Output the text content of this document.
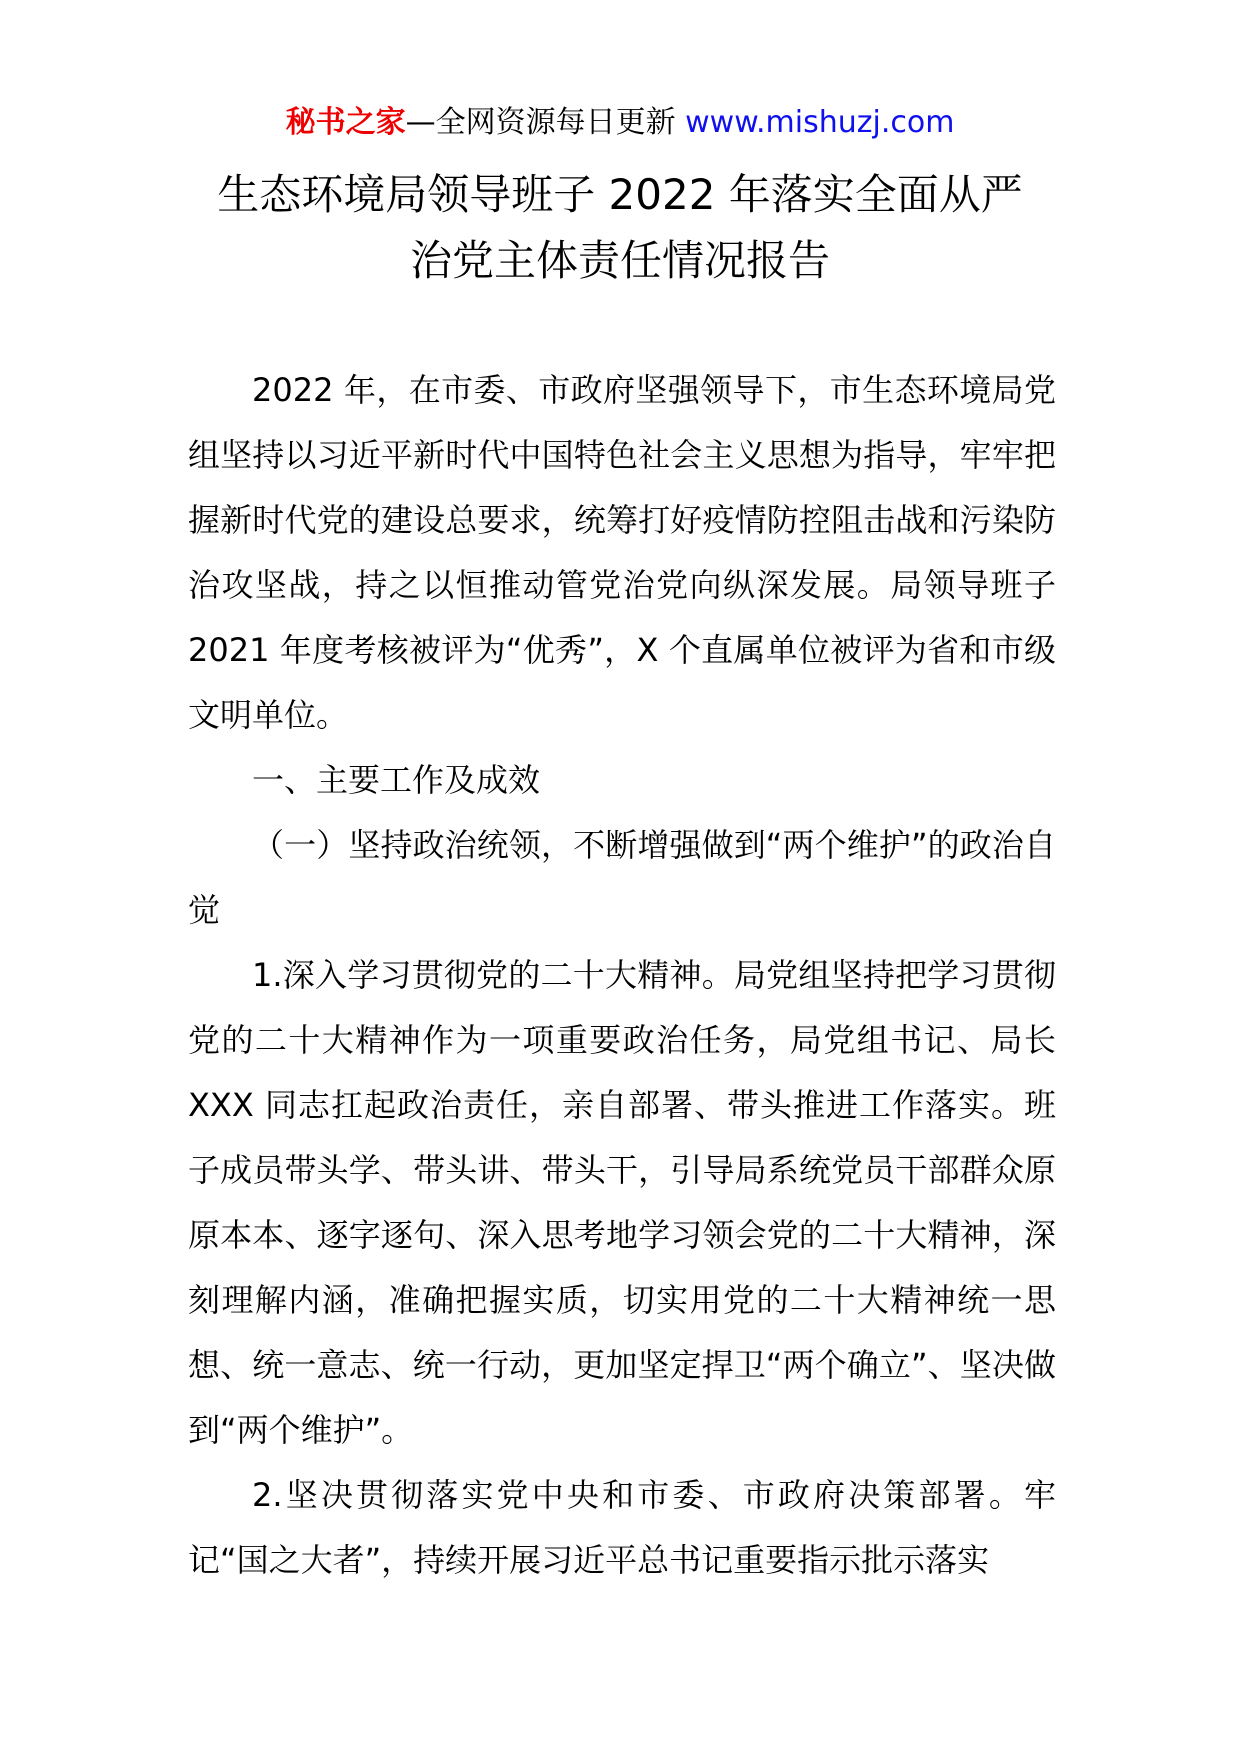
秘书之家—全网资源每日更新 www.mishuzj.com
生态环境局领导班子 2022 年落实全面从严
治党主体责任情况报告

2022 年，在市委、市政府坚强领导下，市生态环境局党组坚持以习近平新时代中国特色社会主义思想为指导，牢牢把握新时代党的建设总要求，统筹打好疫情防控阻击战和污染防治攻坚战，持之以恒推动管党治党向纵深发展。局领导班子 2021 年度考核被评为“优秀”，X 个直属单位被评为省和市级文明单位。

一、主要工作及成效

（一）坚持政治统领，不断增强做到“两个维护”的政治自觉

1.深入学习贯彻党的二十大精神。局党组坚持把学习贯彻党的二十大精神作为一项重要政治任务，局党组书记、局长 XXX 同志扛起政治责任，亲自部署、带头推进工作落实。班子成员带头学、带头讲、带头干，引导局系统党员干部群众原原本本、逐字逐句、深入思考地学习领会党的二十大精神，深刻理解内涵，准确把握实质，切实用党的二十大精神统一思想、统一意志、统一行动，更加坚定捍卫“两个确立”、坚决做到“两个维护”。

2.坚决贯彻落实党中央和市委、市政府决策部署。牢记“国之大者”，持续开展习近平总书记重要指示批示落实
